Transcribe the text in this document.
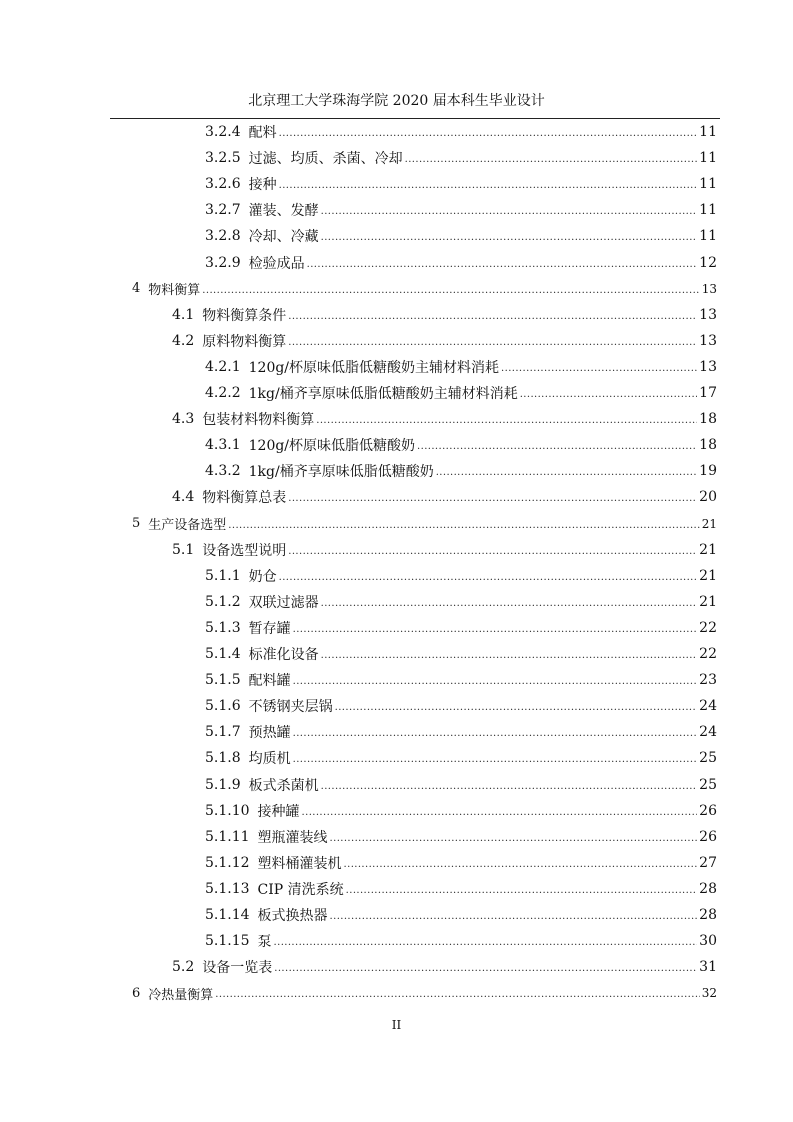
北京理工大学珠海学院 2020 届本科生毕业设计
3.2.4 配料 .....	11
3.2.5 过滤、均质、杀菌、冷却 .....	11
3.2.6 接种 .....	11
3.2.7 灌装、发酵 .....	11
3.2.8 冷却、冷藏 .....	11
3.2.9 检验成品 .....	12
4 物料衡算 .....	13
4.1 物料衡算条件 .....	13
4.2 原料物料衡算 .....	13
4.2.1 120g/杯原味低脂低糖酸奶主辅材料消耗 .....	13
4.2.2 1kg/桶齐享原味低脂低糖酸奶主辅材料消耗 .....	17
4.3 包装材料物料衡算 .....	18
4.3.1 120g/杯原味低脂低糖酸奶 .....	18
4.3.2 1kg/桶齐享原味低脂低糖酸奶 .....	19
4.4 物料衡算总表 .....	20
5 生产设备选型 .....	21
5.1 设备选型说明 .....	21
5.1.1 奶仓 .....	21
5.1.2 双联过滤器 .....	21
5.1.3 暂存罐 .....	22
5.1.4 标准化设备 .....	22
5.1.5 配料罐 .....	23
5.1.6 不锈钢夹层锅 .....	24
5.1.7 预热罐 .....	24
5.1.8 均质机 .....	25
5.1.9 板式杀菌机 .....	25
5.1.10 接种罐 .....	26
5.1.11 塑瓶灌装线 .....	26
5.1.12 塑料桶灌装机 .....	27
5.1.13 CIP 清洗系统 .....	28
5.1.14 板式换热器 .....	28
5.1.15 泵 .....	30
5.2 设备一览表 .....	31
6 冷热量衡算 .....	32
II
